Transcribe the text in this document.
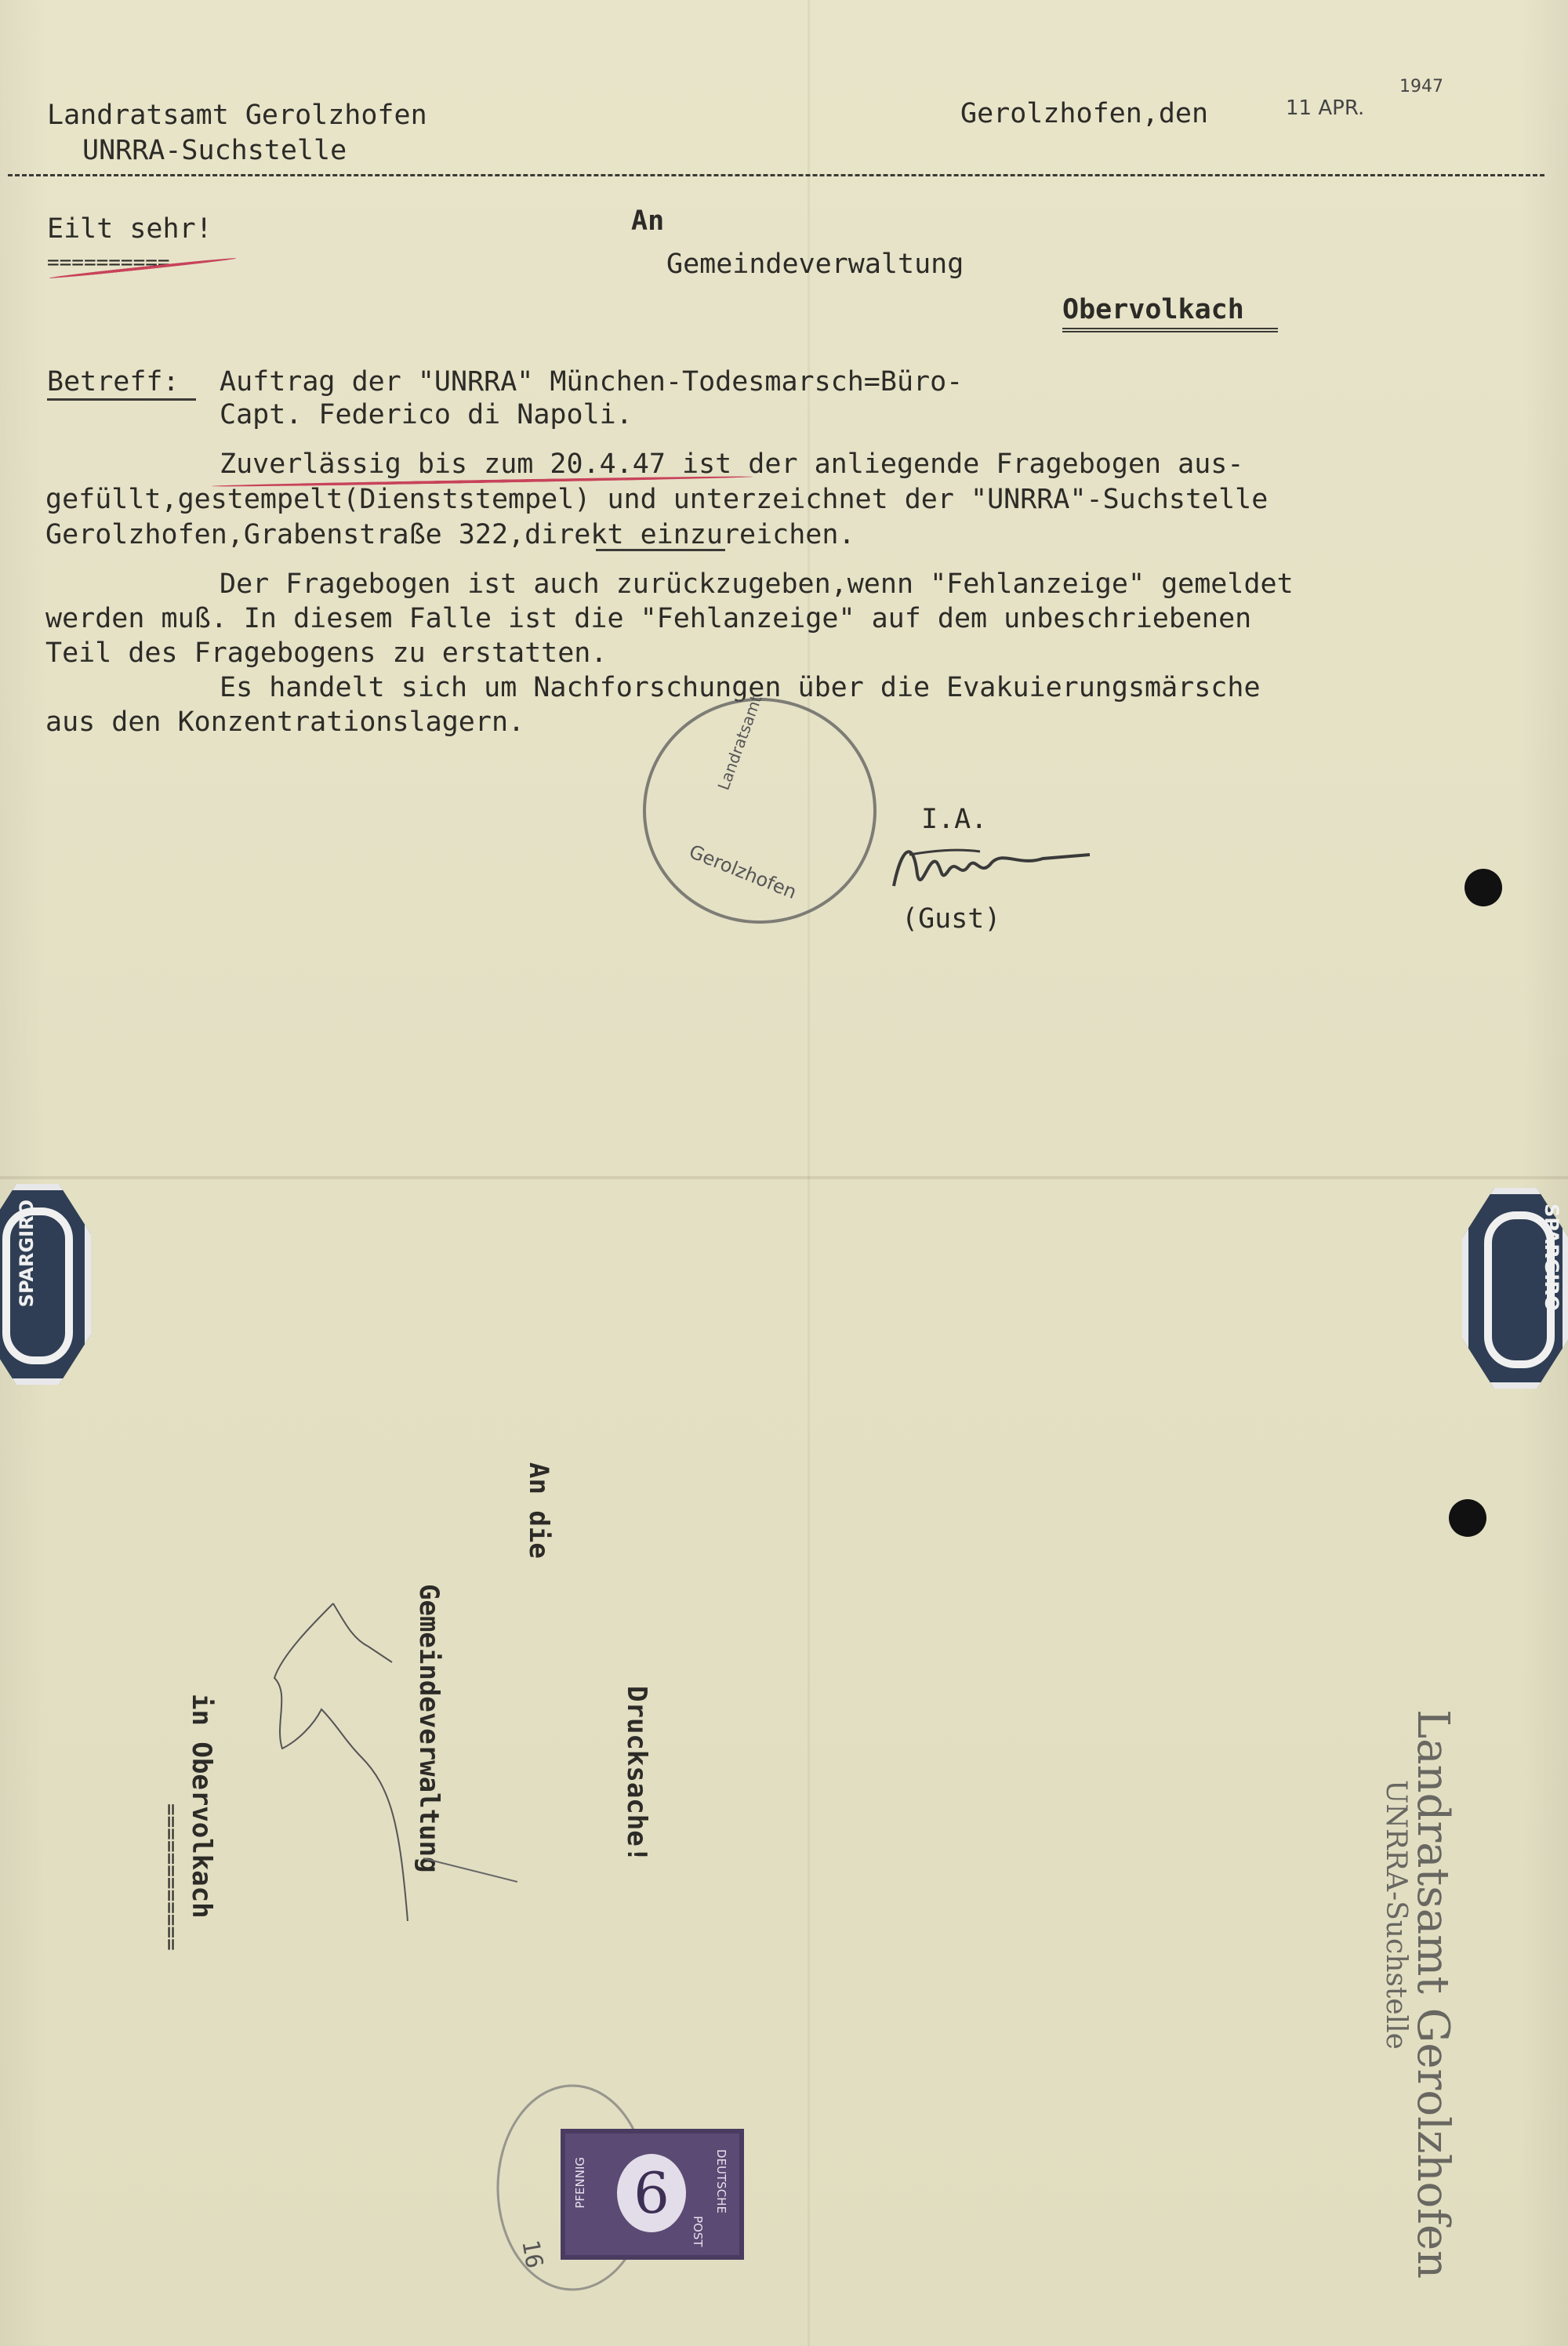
Landratsamt Gerolzhofen
UNRRA-Suchstelle
Gerolzhofen,den	11 APR.
1947
Eilt sehr!
==========
An
Gemeindeverwaltung
Obervolkach
Betreff: Auftrag der "UNRRA" München-Todesmarsch=Büro-
Capt. Federico di Napoli.
Zuverlässig bis zum 20.4.47 ist der anliegende Fragebogen aus-
gefüllt,gestempelt(Dienststempel) und unterzeichnet der "UNRRA"-Suchstelle
Gerolzhofen,Grabenstraße 322,direkt einzureichen.
Der Fragebogen ist auch zurückzugeben,wenn "Fehlanzeige" gemeldet
werden muß. In diesem Falle ist die "Fehlanzeige" auf dem unbeschriebenen
Teil des Fragebogens zu erstatten.
Es handelt sich um Nachforschungen über die Evakuierungsmärsche
aus den Konzentrationslagern.
Gerolzhofen
Landratsamt
I.A.
(Gust)
SPARGIRO	SPARGIRO
An die
Gemeindeverwaltung
in Obervolkach
============
Drucksache!	Landratsamt Gerolzhofen
UNRRA-Suchstelle
16
6	DEUTSCHE
PFENNIG
POST
